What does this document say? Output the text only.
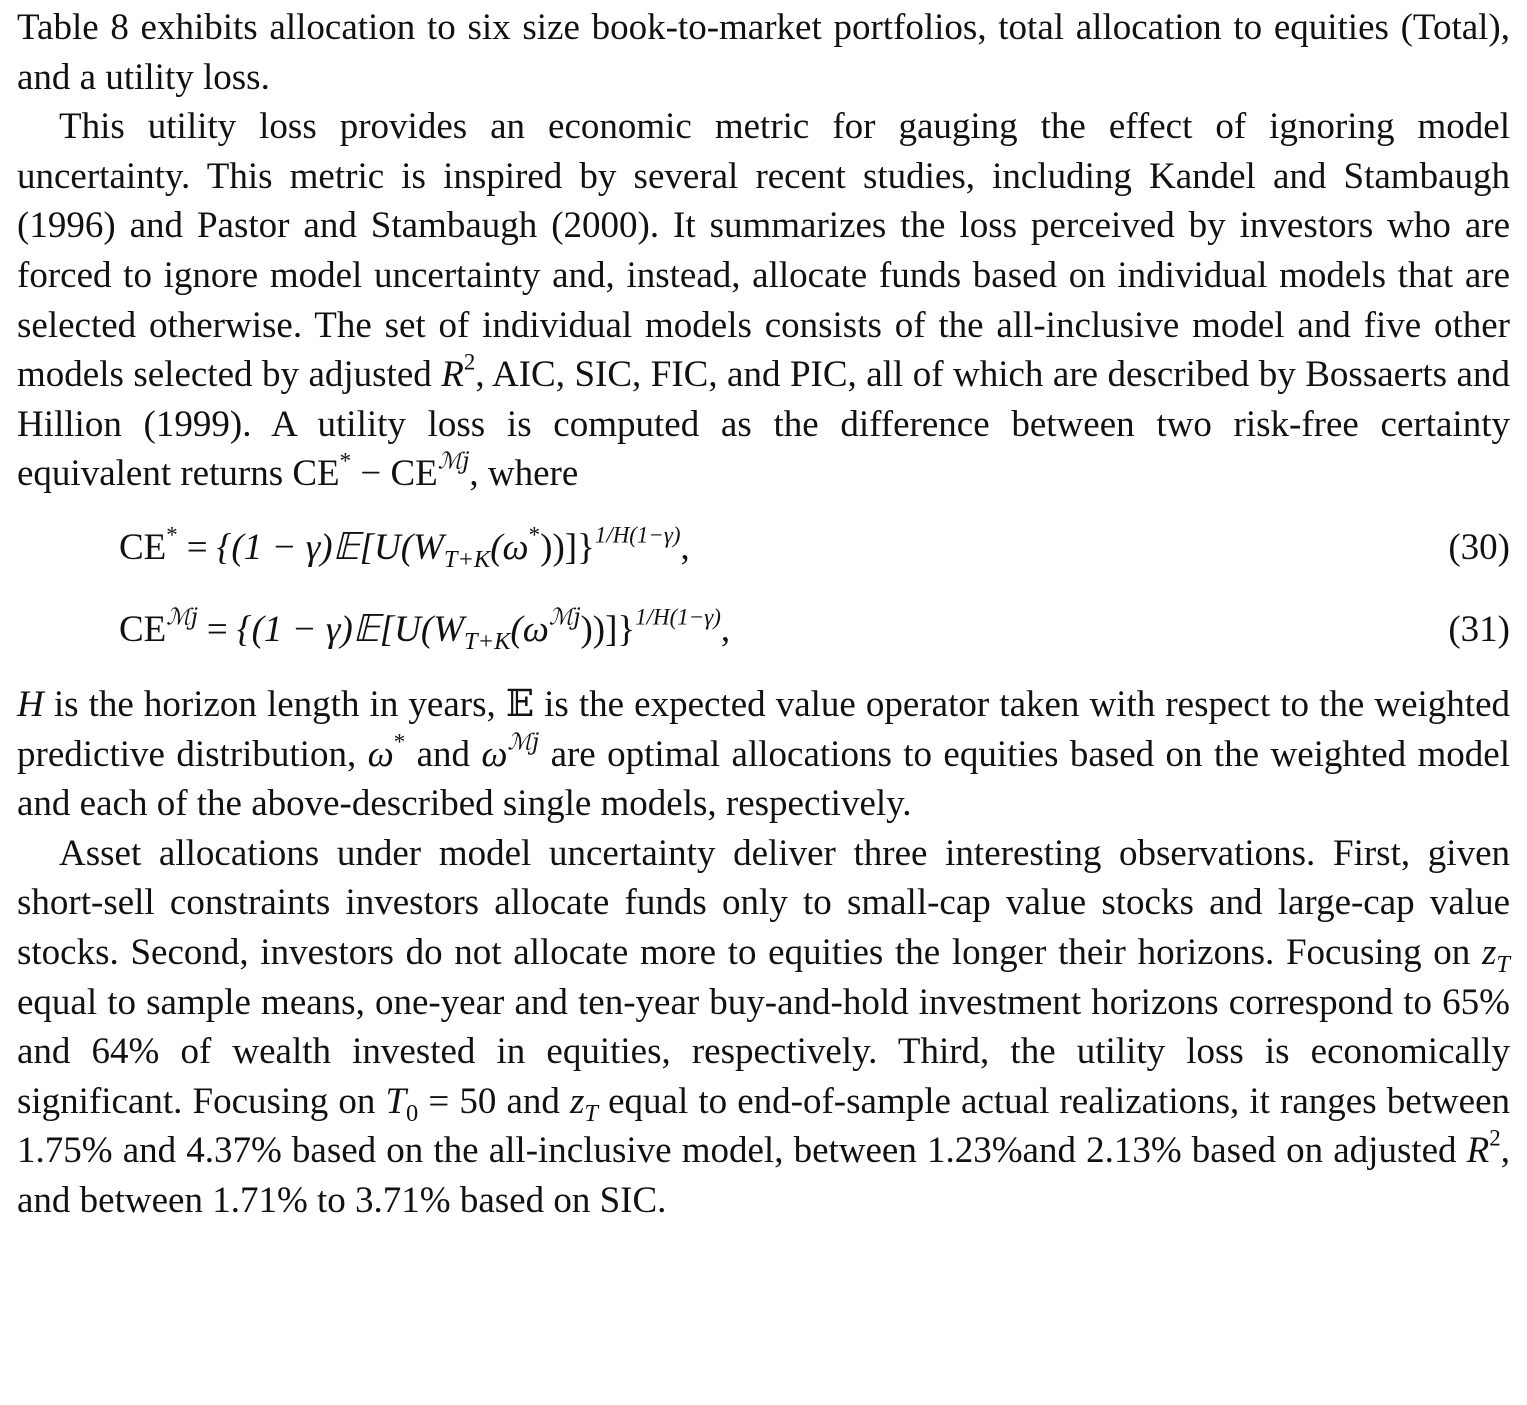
Table 8 exhibits allocation to six size book-to-market portfolios, total allocation to equities (Total), and a utility loss.

This utility loss provides an economic metric for gauging the effect of ignoring model uncertainty. This metric is inspired by several recent studies, including Kandel and Stambaugh (1996) and Pastor and Stambaugh (2000). It summarizes the loss perceived by investors who are forced to ignore model uncertainty and, instead, allocate funds based on individual models that are selected otherwise. The set of individual models consists of the all-inclusive model and five other models selected by adjusted $R^2$, AIC, SIC, FIC, and PIC, all of which are described by Bossaerts and Hillion (1999). A utility loss is computed as the difference between two risk-free certainty equivalent returns $CE^* - CE^{ℳj}$, where

$CE^* = \{(1 - \gamma)𝔼[U(W_{T+K}(\omega^*))]\}^{1/H(1-\gamma)}$,	(30)
$CE^{ℳj} = \{(1$ − $\gamma)𝔼[U(W_{T+K}(\omega^{ℳj}))]\}^{1/H(1-\gamma)}$,	(31)

H is the horizon length in years, 𝔼 is the expected value operator taken with respect to the weighted predictive distribution, ω* and $\omega^{ℳj}$ are optimal allocations to equities based on the weighted model and each of the above-described single models, respectively.

Asset allocations under model uncertainty deliver three interesting observations. First, given short-sell constraints investors allocate funds only to small-cap value stocks and large-cap value stocks. Second, investors do not allocate more to equities the longer their horizons. Focusing on $z_T$ equal to sample means, one-year and ten-year buy-and-hold investment horizons correspond to 65% and 64% of wealth invested in equities, respectively. Third, the utility loss is economically significant. Focusing on $T_0 = 50$ and $z_T$ equal to end-of-sample actual realizations, it ranges between 1.75% and 4.37% based on the all-inclusive model, between 1.23%and 2.13% based on adjusted $R^2$, and between 1.71% to 3.71% based on SIC.
